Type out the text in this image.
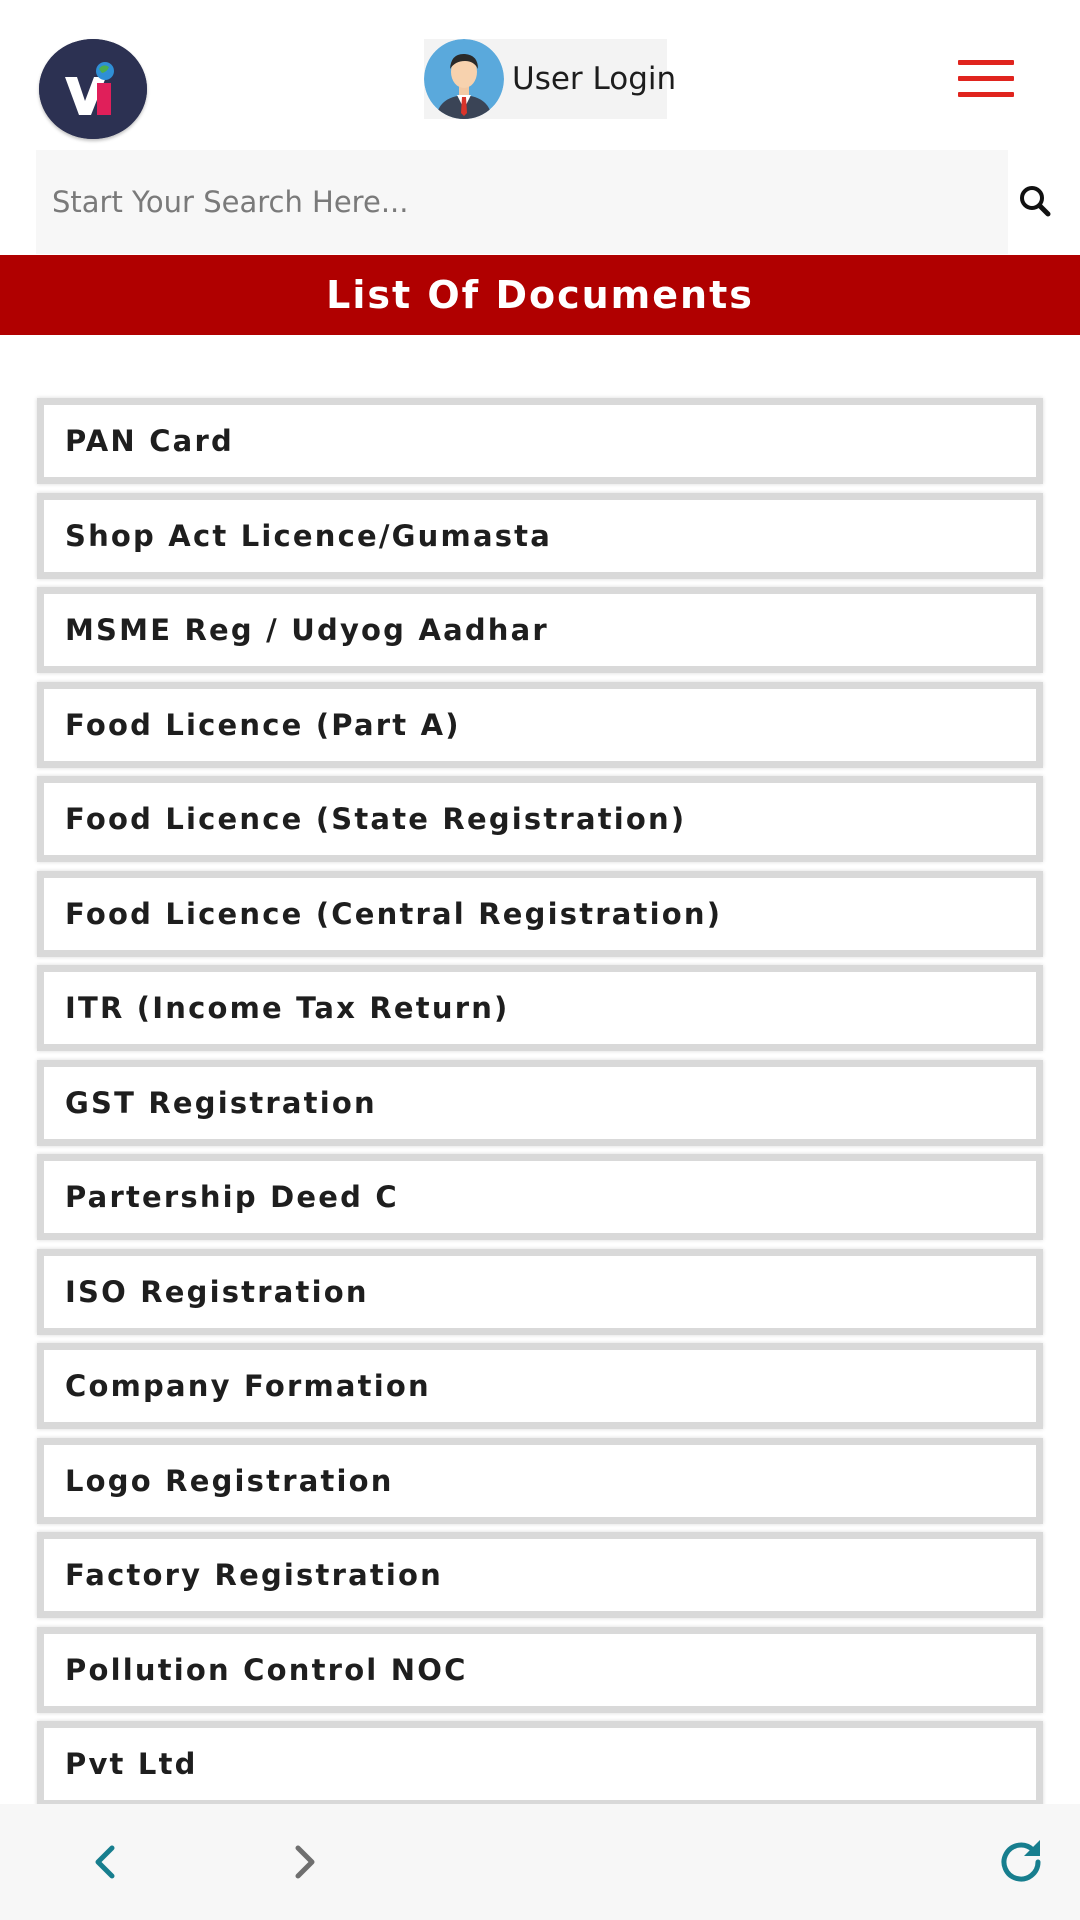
User Login
Start Your Search Here...
List Of Documents
PAN Card
Shop Act Licence/Gumasta
MSME Reg / Udyog Aadhar
Food Licence (Part A)
Food Licence (State Registration)
Food Licence (Central Registration)
ITR (Income Tax Return)
GST Registration
Partership Deed C
ISO Registration
Company Formation
Logo Registration
Factory Registration
Pollution Control NOC
Pvt Ltd
